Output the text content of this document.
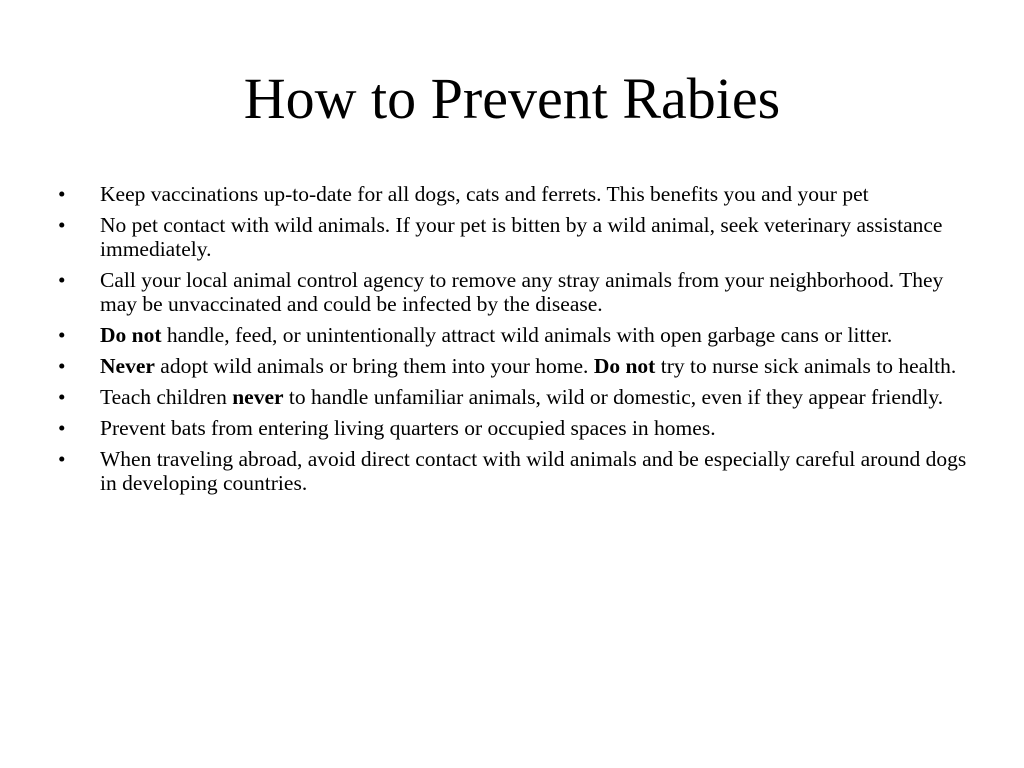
How to Prevent Rabies
• Keep vaccinations up-to-date for all dogs, cats and ferrets. This benefits you and your pet
• No pet contact with wild animals. If your pet is bitten by a wild animal, seek veterinary assistance immediately.
• Call your local animal control agency to remove any stray animals from your neighborhood. They may be unvaccinated and could be infected by the disease.
• Do not handle, feed, or unintentionally attract wild animals with open garbage cans or litter.
• Never adopt wild animals or bring them into your home. Do not try to nurse sick animals to health.
• Teach children never to handle unfamiliar animals, wild or domestic, even if they appear friendly.
• Prevent bats from entering living quarters or occupied spaces in homes.
• When traveling abroad, avoid direct contact with wild animals and be especially careful around dogs in developing countries.
